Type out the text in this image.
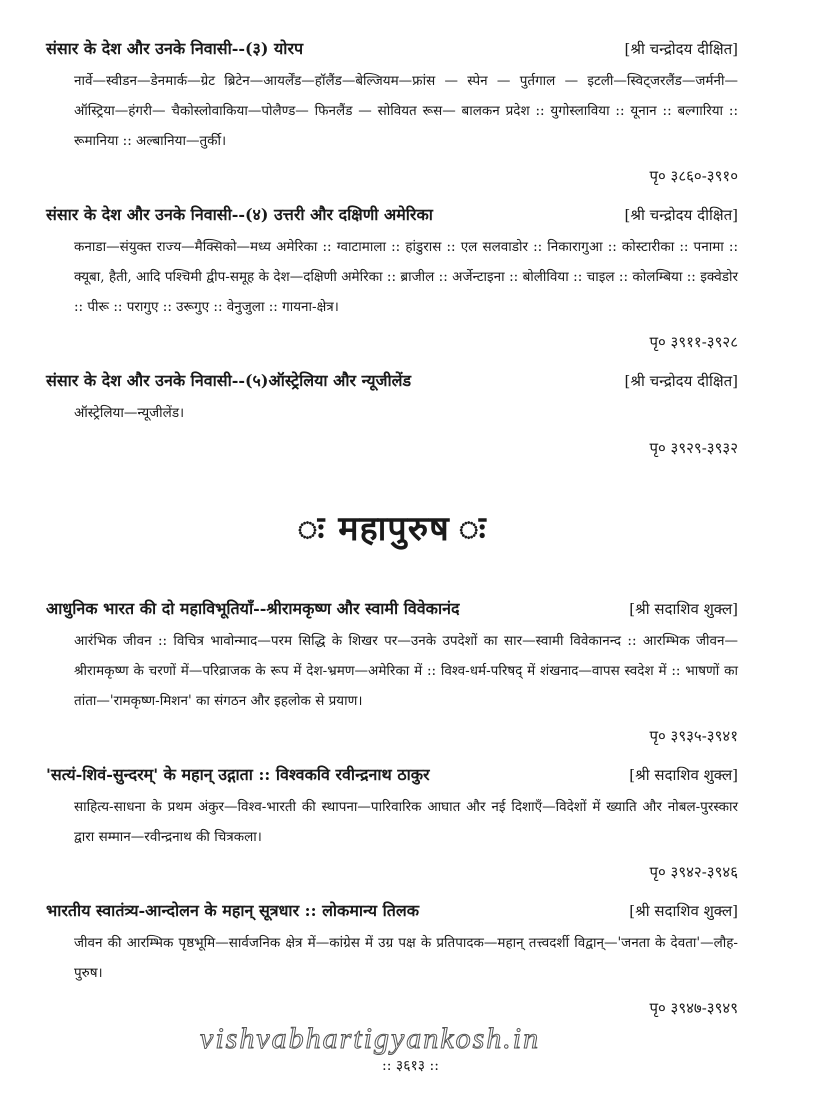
संसार के देश और उनके निवासी--(३) योरप	[श्री चन्द्रोदय दीक्षित]
नार्वे—स्वीडन—डेनमार्क—ग्रेट ब्रिटेन—आयर्लेंड—हॉलैंड—बेल्जियम—फ्रांस — स्पेन — पुर्तगाल — इटली—स्विट्जरलैंड—जर्मनी—ऑस्ट्रिया—हंगरी— चैकोस्लोवाकिया—पोलैण्ड— फिनलैंड — सोवियत रूस— बालकन प्रदेश :: युगोस्लाविया :: यूनान :: बल्गारिया :: रूमानिया :: अल्बानिया—तुर्की।
पृ० ३८६०-३९१०
संसार के देश और उनके निवासी--(४) उत्तरी और दक्षिणी अमेरिका	[श्री चन्द्रोदय दीक्षित]
कनाडा—संयुक्त राज्य—मैक्सिको—मध्य अमेरिका :: ग्वाटामाला :: हांडुरास :: एल सलवाडोर :: निकारागुआ :: कोस्टारीका :: पनामा :: क्यूबा, हैती, आदि पश्चिमी द्वीप-समूह के देश—दक्षिणी अमेरिका :: ब्राजील :: अर्जेन्टाइना :: बोलीविया :: चाइल :: कोलम्बिया :: इक्वेडोर :: पीरू :: परागुए :: उरूगुए :: वेनुजुला :: गायना-क्षेत्र।
पृ० ३९११-३९२८
संसार के देश और उनके निवासी--(५)ऑस्ट्रेलिया और न्यूजीलेंड	[श्री चन्द्रोदय दीक्षित]
ऑस्ट्रेलिया—न्यूजीलेंड।
पृ० ३९२९-३९३२
ः महापुरुष ः
आधुनिक भारत की दो महाविभूतियाँ--श्रीरामकृष्ण और स्वामी विवेकानंद	[श्री सदाशिव शुक्ल]
आरंभिक जीवन :: विचित्र भावोन्माद—परम सिद्धि के शिखर पर—उनके उपदेशों का सार—स्वामी विवेकानन्द :: आरम्भिक जीवन—श्रीरामकृष्ण के चरणों में—परिव्राजक के रूप में देश-भ्रमण—अमेरिका में :: विश्व-धर्म-परिषद् में शंखनाद—वापस स्वदेश में :: भाषणों का तांता—'रामकृष्ण-मिशन' का संगठन और इहलोक से प्रयाण।
पृ० ३९३५-३९४१
'सत्यं-शिवं-सुन्दरम्' के महान् उद्गाता :: विश्वकवि रवीन्द्रनाथ ठाकुर	[श्री सदाशिव शुक्ल]
साहित्य-साधना के प्रथम अंकुर—विश्व-भारती की स्थापना—पारिवारिक आघात और नई दिशाएँ—विदेशों में ख्याति और नोबल-पुरस्कार द्वारा सम्मान—रवीन्द्रनाथ की चित्रकला।
पृ० ३९४२-३९४६
भारतीय स्वातंत्र्य-आन्दोलन के महान् सूत्रधार :: लोकमान्य तिलक	[श्री सदाशिव शुक्ल]
जीवन की आरम्भिक पृष्ठभूमि—सार्वजनिक क्षेत्र में—कांग्रेस में उग्र पक्ष के प्रतिपादक—महान् तत्त्वदर्शी विद्वान्—'जनता के देवता'—लौह-पुरुष।
पृ० ३९४७-३९४९
vishvabhartigyankosh.in
:: ३६१३ ::
